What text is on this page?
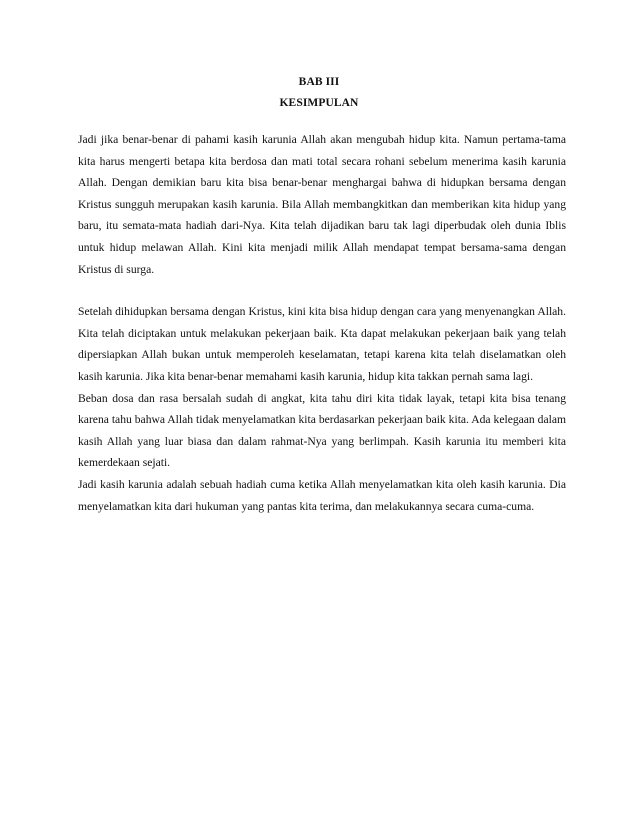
BAB III
KESIMPULAN

Jadi jika benar-benar di pahami kasih karunia Allah akan mengubah hidup kita. Namun pertama-tama kita harus mengerti betapa kita berdosa dan mati total secara rohani sebelum menerima kasih karunia Allah. Dengan demikian baru kita bisa benar-benar menghargai bahwa di hidupkan bersama dengan Kristus sungguh merupakan kasih karunia. Bila Allah membangkitkan dan memberikan kita hidup yang baru, itu semata-mata hadiah dari-Nya. Kita telah dijadikan baru tak lagi diperbudak oleh dunia Iblis untuk hidup melawan Allah. Kini kita menjadi milik Allah mendapat tempat bersama-sama dengan Kristus di surga.

Setelah dihidupkan bersama dengan Kristus, kini kita bisa hidup dengan cara yang menyenangkan Allah. Kita telah diciptakan untuk melakukan pekerjaan baik. Kta dapat melakukan pekerjaan baik yang telah dipersiapkan Allah bukan untuk memperoleh keselamatan, tetapi karena kita telah diselamatkan oleh kasih karunia. Jika kita benar-benar memahami kasih karunia, hidup kita takkan pernah sama lagi.

Beban dosa dan rasa bersalah sudah di angkat, kita tahu diri kita tidak layak, tetapi kita bisa tenang karena tahu bahwa Allah tidak menyelamatkan kita berdasarkan pekerjaan baik kita. Ada kelegaan dalam kasih Allah yang luar biasa dan dalam rahmat-Nya yang berlimpah. Kasih karunia itu memberi kita kemerdekaan sejati.

Jadi kasih karunia adalah sebuah hadiah cuma ketika Allah menyelamatkan kita oleh kasih karunia. Dia menyelamatkan kita dari hukuman yang pantas kita terima, dan melakukannya secara cuma-cuma.
